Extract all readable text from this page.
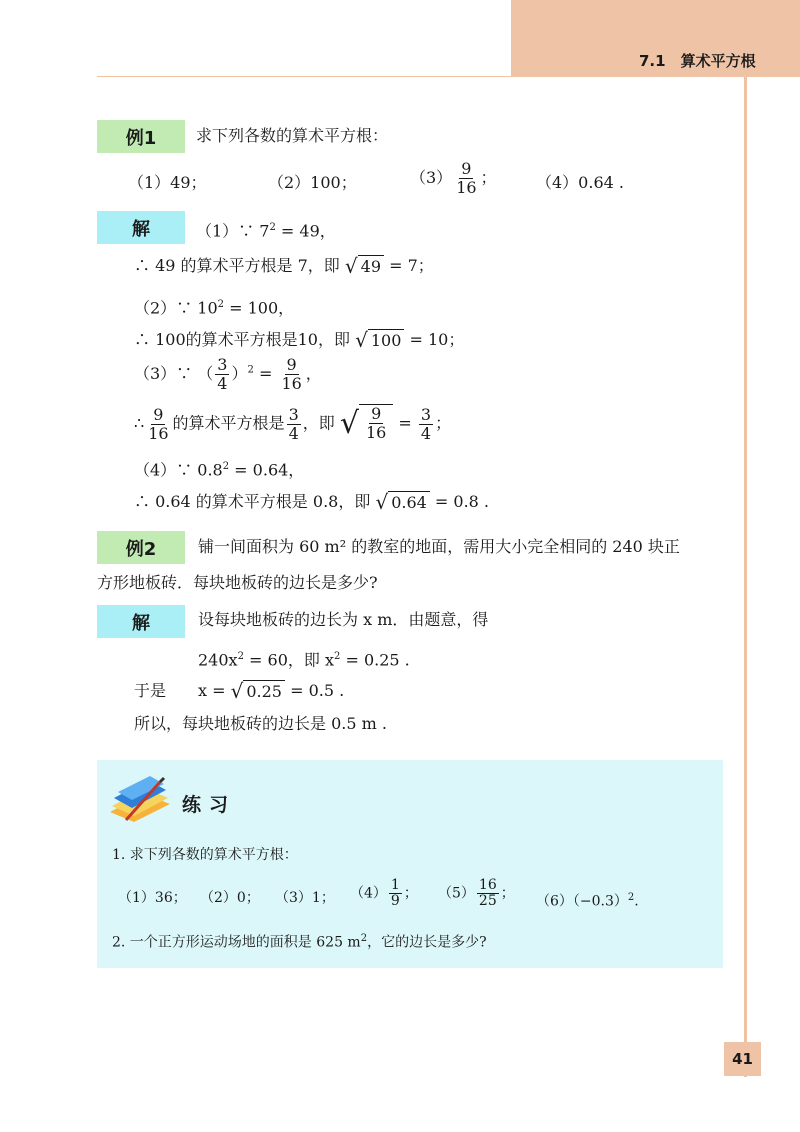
7.1　算术平方根
例1	求下列各数的算术平方根：
（1）49；	（2）100；	$(3) \frac{9}{16}$ ； （4）0.64 .
解	（1）∵ $7^2 = 49$，
∴ 49 的算术平方根是 7，即 √ 49 = 7；
（2）∵ $10^2 = 100$，
∴ 100的算术平方根是10，即 √ 100 = 10；
（3）∵ （ $\frac{3}{4} )^2 = \frac{9}{16}$ ，
∴ $\frac{9}{16}$ 的算术平方根是 $\frac{3}{4}$ ，即 √ $\frac{9}{16} = \frac{3}{4}$ ；
（4）∵ $0.8^2 = 0.64$，
∴ 0.64 的算术平方根是 0.8，即 √ 0.64 = 0.8 .
例2	铺一间面积为 60 m² 的教室的地面，需用大小完全相同的 240 块正
方形地板砖．每块地板砖的边长是多少?
解	设每块地板砖的边长为 x m．由题意，得
$240x^2 = 60$，即 $x^2 = 0.25$ .
于是　　x = √ 0.25 = 0.5 .
所以，每块地板砖的边长是 0.5 m .
练习
1. 求下列各数的算术平方根：
（1）36； （2）0； （3）1； $(4) \frac{1}{9}$ ； $(5) \frac{16}{25}$ ；
$(6)(-0.3)^2$.
2. 一个正方形运动场地的面积是 625 $m^2$，它的边长是多少?
41
